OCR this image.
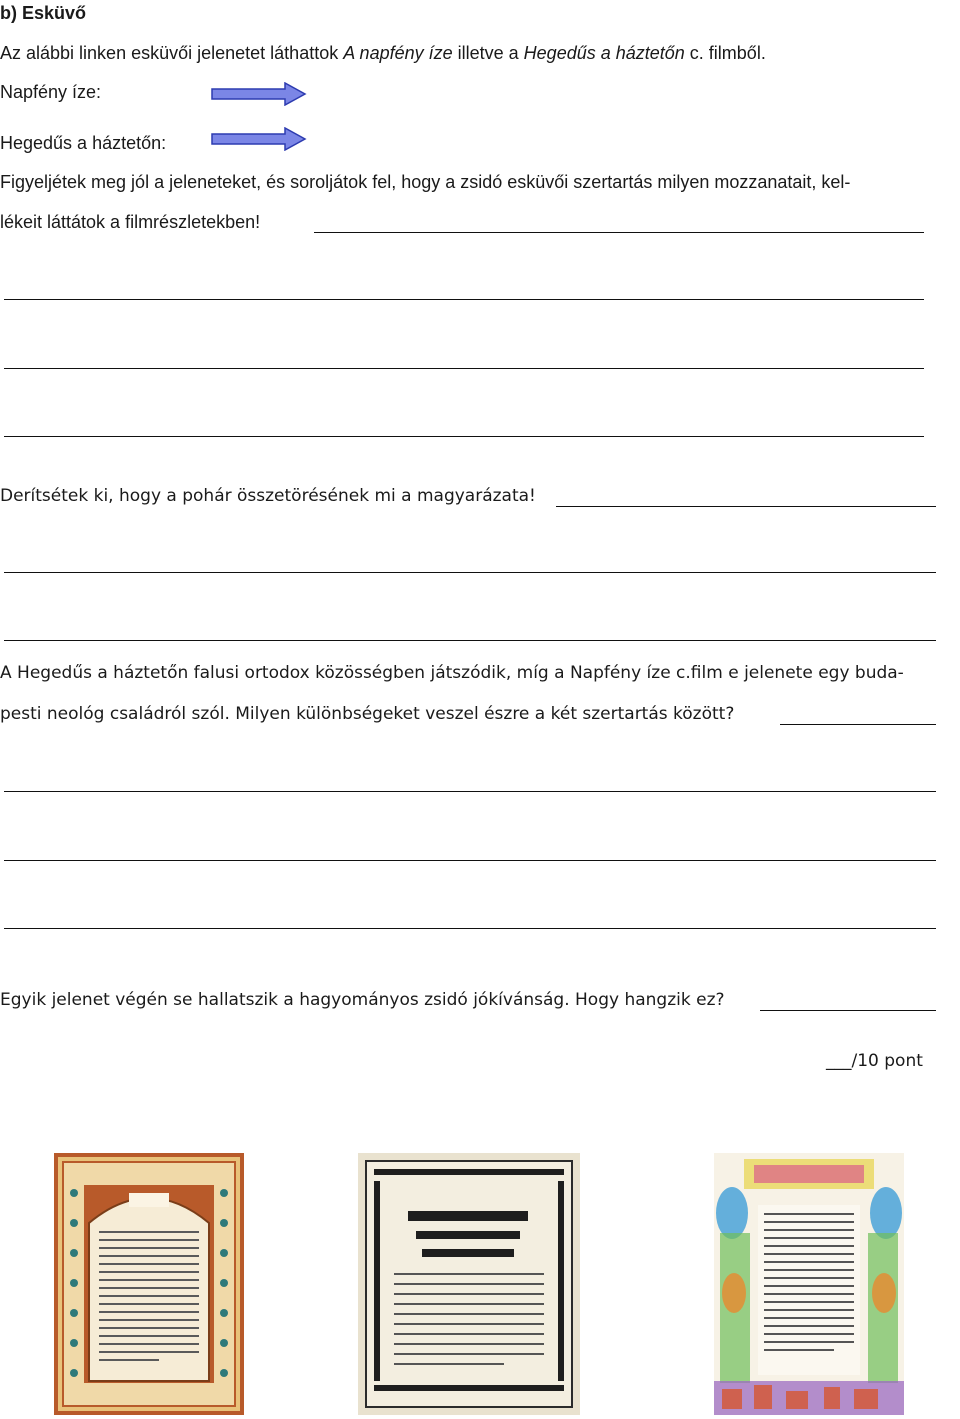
b) Esküvő
Az alábbi linken esküvői jelenetet láthattok A napfény íze illetve a Hegedűs a háztetőn c. filmből.
Napfény íze:
Hegedűs a háztetőn:
Figyeljétek meg jól a jeleneteket, és soroljátok fel, hogy a zsidó esküvői szertartás milyen mozzanatait, kel-
lékeit láttátok a filmrészletekben!
Derítsétek ki, hogy a pohár összetörésének mi a magyarázata!
A Hegedűs a háztetőn falusi ortodox közösségben játszódik, míg a Napfény íze c.film e jelenete egy buda-
pesti neológ családról szól. Milyen különbségeket veszel észre a két szertartás között?
Egyik jelenet végén se hallatszik a hagyományos zsidó jókívánság. Hogy hangzik ez?
___/10 pont
